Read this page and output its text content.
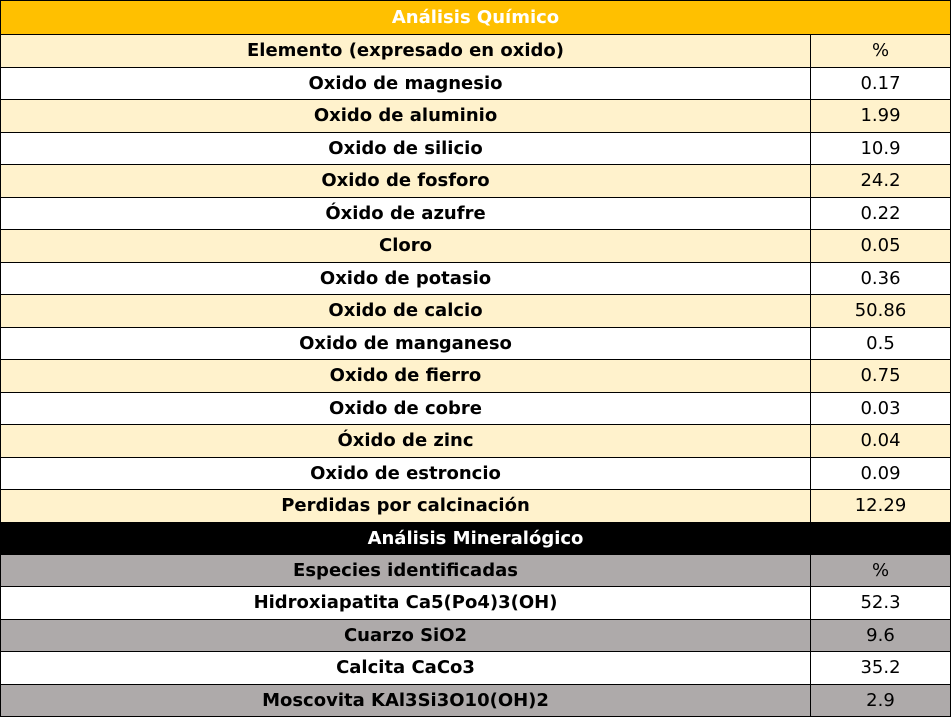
Análisis Químico	
Elemento (expresado en oxido)	%
Oxido de magnesio	0.17
Oxido de aluminio	1.99
Oxido de silicio	10.9
Oxido de fosforo	24.2
Óxido de azufre	0.22
Cloro	0.05
Oxido de potasio	0.36
Oxido de calcio	50.86
Oxido de manganeso	0.5
Oxido de fierro	0.75
Oxido de cobre	0.03
Óxido de zinc	0.04
Oxido de estroncio	0.09
Perdidas por calcinación	12.29
Análisis Mineralógico	
Especies identificadas	%
Hidroxiapatita Ca5(Po4)3(OH)	52.3
Cuarzo SiO2	9.6
Calcita CaCo3	35.2
Moscovita KAl3Si3O10(OH)2	2.9
